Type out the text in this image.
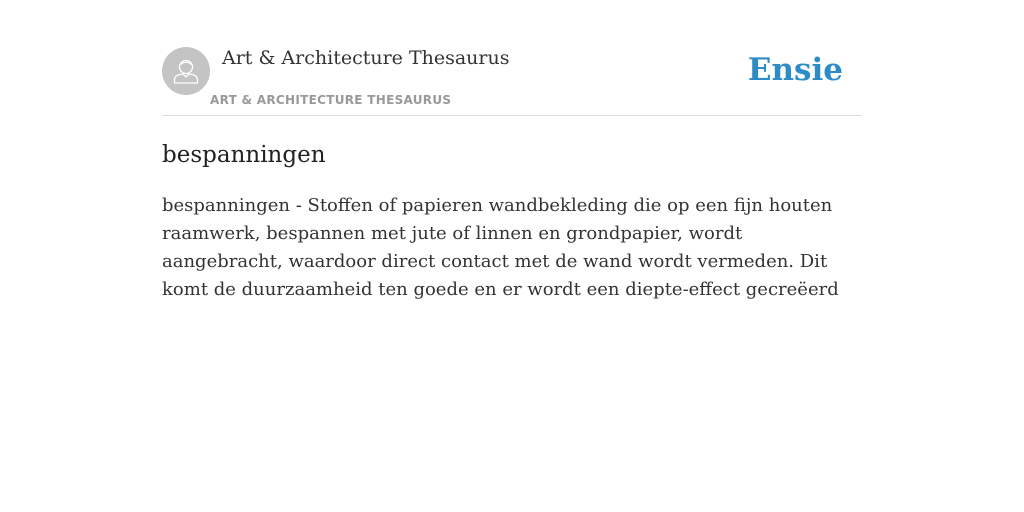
Art & Architecture Thesaurus
ART & ARCHITECTURE THESAURUS
Ensie
bespanningen

bespanningen - Stoffen of papieren wandbekleding die op een fijn houten raamwerk, bespannen met jute of linnen en grondpapier, wordt aangebracht, waardoor direct contact met de wand wordt vermeden. Dit komt de duurzaamheid ten goede en er wordt een diepte-effect gecreëerd
